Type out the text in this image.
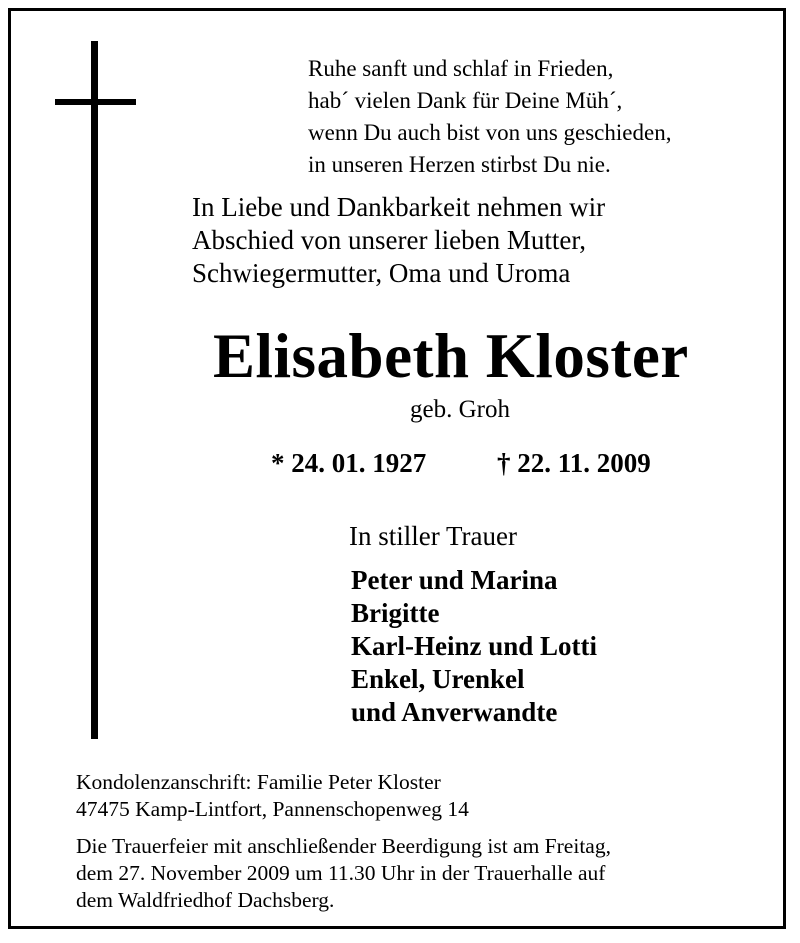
Ruhe sanft und schlaf in Frieden,
hab´ vielen Dank für Deine Müh´,
wenn Du auch bist von uns geschieden,
in unseren Herzen stirbst Du nie.
In Liebe und Dankbarkeit nehmen wir
Abschied von unserer lieben Mutter,
Schwiegermutter, Oma und Uroma
Elisabeth Kloster
geb. Groh
* 24. 01. 1927	† 22. 11. 2009
In stiller Trauer
Peter und Marina
Brigitte
Karl-Heinz und Lotti
Enkel, Urenkel
und Anverwandte
Kondolenzanschrift: Familie Peter Kloster
47475 Kamp-Lintfort, Pannenschopenweg 14
Die Trauerfeier mit anschließender Beerdigung ist am Freitag,
dem 27. November 2009 um 11.30 Uhr in der Trauerhalle auf
dem Waldfriedhof Dachsberg.
